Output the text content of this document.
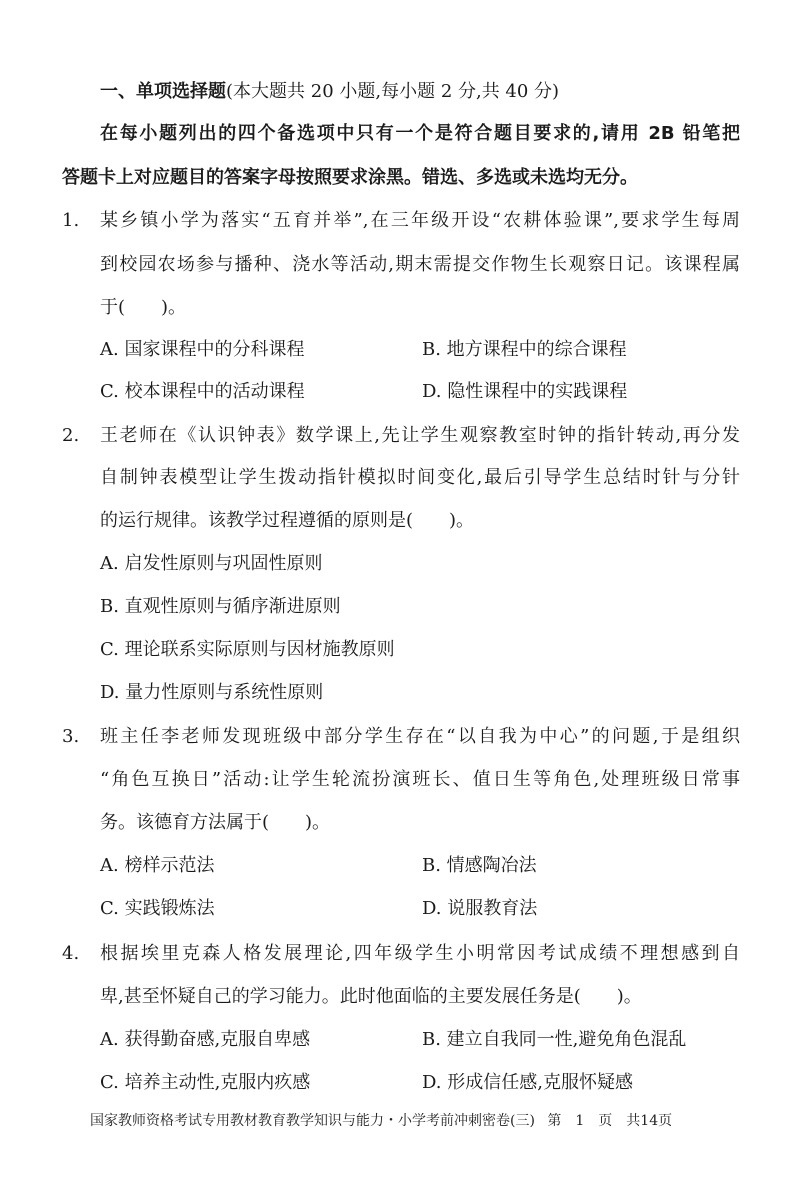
一、单项选择题(本大题共 20 小题,每小题 2 分,共 40 分)
在每小题列出的四个备选项中只有一个是符合题目要求的,请用 2B 铅笔把
答题卡上对应题目的答案字母按照要求涂黑。错选、多选或未选均无分。
1. 某乡镇小学为落实“五育并举”,在三年级开设“农耕体验课”,要求学生每周
到校园农场参与播种、浇水等活动,期末需提交作物生长观察日记。该课程属
于(　　)。
A. 国家课程中的分科课程	B. 地方课程中的综合课程
C. 校本课程中的活动课程	D. 隐性课程中的实践课程
2. 王老师在《认识钟表》数学课上,先让学生观察教室时钟的指针转动,再分发
自制钟表模型让学生拨动指针模拟时间变化,最后引导学生总结时针与分针
的运行规律。该教学过程遵循的原则是(　　)。
A. 启发性原则与巩固性原则
B. 直观性原则与循序渐进原则
C. 理论联系实际原则与因材施教原则
D. 量力性原则与系统性原则
3. 班主任李老师发现班级中部分学生存在“以自我为中心”的问题,于是组织
“角色互换日”活动:让学生轮流扮演班长、值日生等角色,处理班级日常事
务。该德育方法属于(　　)。
A. 榜样示范法	B. 情感陶冶法
C. 实践锻炼法	D. 说服教育法
4. 根据埃里克森人格发展理论,四年级学生小明常因考试成绩不理想感到自
卑,甚至怀疑自己的学习能力。此时他面临的主要发展任务是(　　)。
A. 获得勤奋感,克服自卑感	B. 建立自我同一性,避免角色混乱
C. 培养主动性,克服内疚感	D. 形成信任感,克服怀疑感
国家教师资格考试专用教材教育教学知识与能力・小学考前冲刺密卷(三) 第　1　页　共14页
